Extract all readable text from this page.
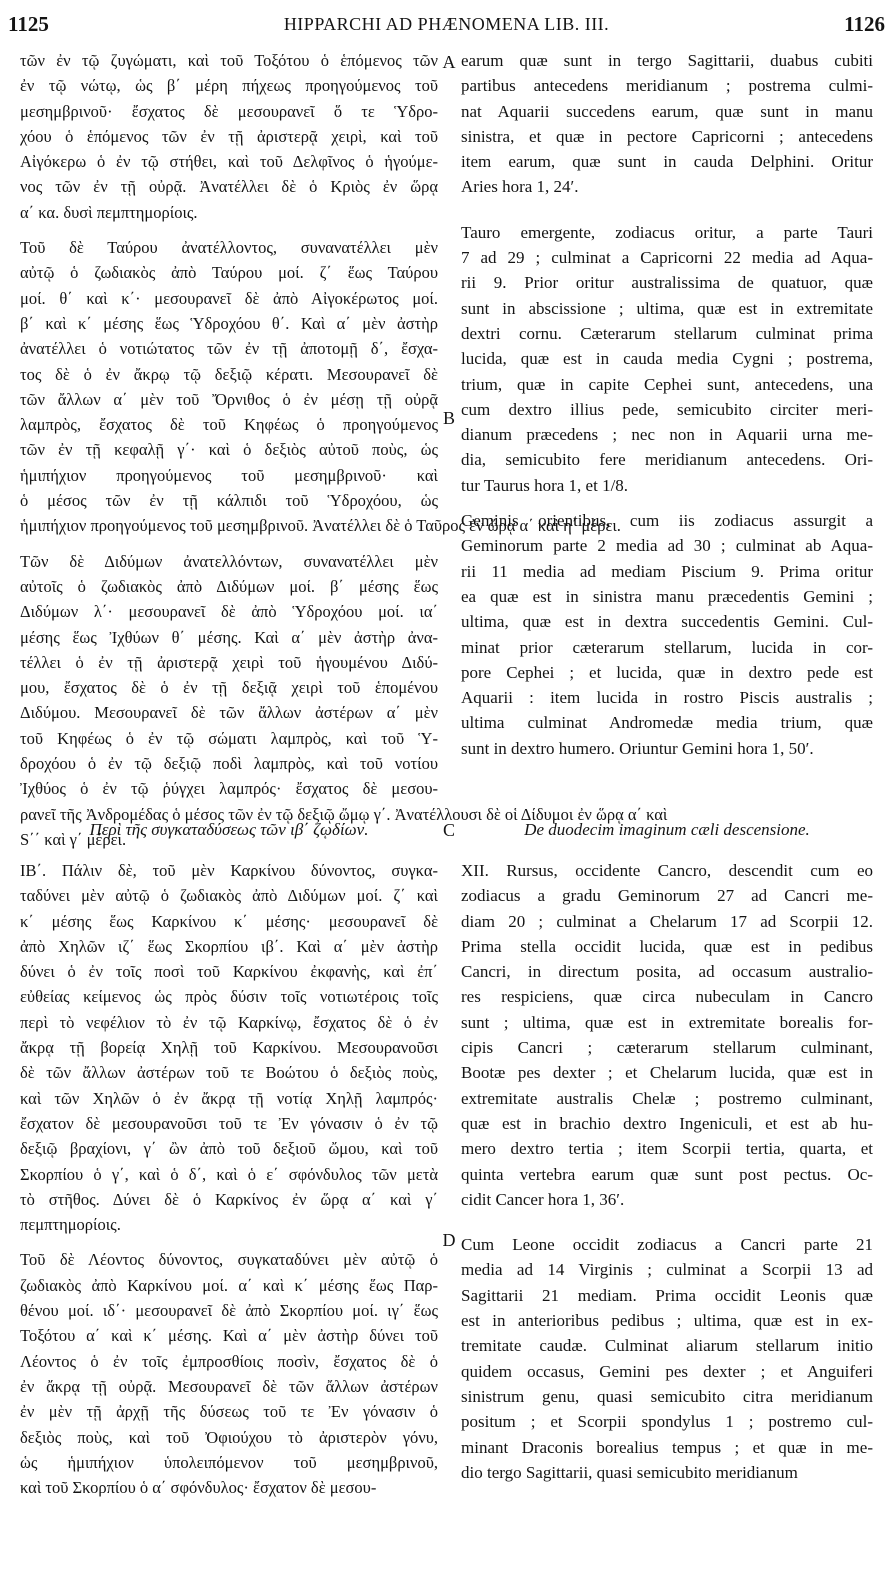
1125	HIPPARCHI AD PHÆNOMENA LIB. III.	1126
τῶν ἐν τῷ ζυγώματι, καὶ τοῦ Τοξότου ὁ ἑπόμενος τῶν
ἐν τῷ νώτῳ, ὡς β΄ μέρη πήχεως προηγούμενος τοῦ
μεσημβρινοῦ· ἔσχατος δὲ μεσουρανεῖ ὅ τε Ὑδρο-
χόου ὁ ἑπόμενος τῶν ἐν τῇ ἀριστερᾷ χειρὶ, καὶ τοῦ
Αἰγόκερω ὁ ἐν τῷ στήθει, καὶ τοῦ Δελφῖνος ὁ ἡγούμε-
νος τῶν ἐν τῇ οὐρᾷ. Ἀνατέλλει δὲ ὁ Κριὸς ἐν ὥρᾳ
α΄ κα. δυσὶ πεμπτημορίοις.
Τοῦ δὲ Ταύρου ἀνατέλλοντος, συνανατέλλει μὲν
αὐτῷ ὁ ζωδιακὸς ἀπὸ Ταύρου μοί. ζ΄ ἕως Ταύρου
μοί. θ΄ καὶ κ΄· μεσουρανεῖ δὲ ἀπὸ Αἰγοκέρωτος μοί.
β΄ καὶ κ΄ μέσης ἕως Ὑδροχόου θ΄. Καὶ α΄ μὲν ἀστὴρ
ἀνατέλλει ὁ νοτιώτατος τῶν ἐν τῇ ἀποτομῇ δ΄, ἔσχα-
τος δὲ ὁ ἐν ἄκρῳ τῷ δεξιῷ κέρατι. Μεσουρανεῖ δὲ
τῶν ἄλλων α΄ μὲν τοῦ Ὄρνιθος ὁ ἐν μέσῃ τῇ οὐρᾷ
λαμπρὸς, ἔσχατος δὲ τοῦ Κηφέως ὁ προηγούμενος
τῶν ἐν τῇ κεφαλῇ γ΄· καὶ ὁ δεξιὸς αὐτοῦ ποὺς, ὡς
ἡμιπήχιον προηγούμενος τοῦ μεσημβρινοῦ· καὶ
ὁ μέσος τῶν ἐν τῇ κάλπιδι τοῦ Ὑδροχόου, ὡς
ἡμιπήχιον προηγούμενος τοῦ μεσημβρινοῦ. Ἀνατέλλει δὲ ὁ Ταῦρος ἐν ὥρᾳ α΄ καὶ η΄ μέρει.
Τῶν δὲ Διδύμων ἀνατελλόντων, συνανατέλλει μὲν
αὐτοῖς ὁ ζωδιακὸς ἀπὸ Διδύμων μοί. β΄ μέσης ἕως
Διδύμων λ΄· μεσουρανεῖ δὲ ἀπὸ Ὑδροχόου μοί. ια΄
μέσης ἕως Ἰχθύων θ΄ μέσης. Καὶ α΄ μὲν ἀστὴρ ἀνα-
τέλλει ὁ ἐν τῇ ἀριστερᾷ χειρὶ τοῦ ἡγουμένου Διδύ-
μου, ἔσχατος δὲ ὁ ἐν τῇ δεξιᾷ χειρὶ τοῦ ἑπομένου
Διδύμου. Μεσουρανεῖ δὲ τῶν ἄλλων ἀστέρων α΄ μὲν
τοῦ Κηφέως ὁ ἐν τῷ σώματι λαμπρὸς, καὶ τοῦ Ὑ-
δροχόου ὁ ἐν τῷ δεξιῷ ποδὶ λαμπρὸς, καὶ τοῦ νοτίου
Ἰχθύος ὁ ἐν τῷ ῥύγχει λαμπρός· ἔσχατος δὲ μεσου-
ρανεῖ τῆς Ἀνδρομέδας ὁ μέσος τῶν ἐν τῷ δεξιῷ ὤμῳ γ΄. Ἀνατέλλουσι δὲ οἱ Δίδυμοι ἐν ὥρᾳ α΄ καὶ
S΄΄ καὶ γ΄ μέρει.
earum quæ sunt in tergo Sagittarii, duabus cubiti
partibus antecedens meridianum ; postrema culmi-
nat Aquarii succedens earum, quæ sunt in manu
sinistra, et quæ in pectore Capricorni ; antecedens
item earum, quæ sunt in cauda Delphini. Oritur
Aries hora 1, 24′.
Tauro emergente, zodiacus oritur, a parte Tauri
7 ad 29 ; culminat a Capricorni 22 media ad Aqua-
rii 9. Prior oritur australissima de quatuor, quæ
sunt in abscissione ; ultima, quæ est in extremitate
dextri cornu. Cæterarum stellarum culminat prima
lucida, quæ est in cauda media Cygni ; postrema,
trium, quæ in capite Cephei sunt, antecedens, una
cum dextro illius pede, semicubito circiter meri-
dianum præcedens ; nec non in Aquarii urna me-
dia, semicubito fere meridianum antecedens. Ori-
tur Taurus hora 1, et 1/8.
Geminis orientibus, cum iis zodiacus assurgit a
Geminorum parte 2 media ad 30 ; culminat ab Aqua-
rii 11 media ad mediam Piscium 9. Prima oritur
ea quæ est in sinistra manu præcedentis Gemini ;
ultima, quæ est in dextra succedentis Gemini. Cul-
minat prior cæterarum stellarum, lucida in cor-
pore Cephei ; et lucida, quæ in dextro pede est
Aquarii : item lucida in rostro Piscis australis ;
ultima culminat Andromedæ media trium, quæ
sunt in dextro humero. Oriuntur Gemini hora 1, 50′.
Περὶ τῆς συγκαταδύσεως τῶν ιβ΄ ζῳδίων.	De duodecim imaginum cæli descensione.
ΙΒ΄. Πάλιν δὲ, τοῦ μὲν Καρκίνου δύνοντος, συγκα-
ταδύνει μὲν αὐτῷ ὁ ζωδιακὸς ἀπὸ Διδύμων μοί. ζ΄ καὶ
κ΄ μέσης ἕως Καρκίνου κ΄ μέσης· μεσουρανεῖ δὲ
ἀπὸ Χηλῶν ιζ΄ ἕως Σκορπίου ιβ΄. Καὶ α΄ μὲν ἀστὴρ
δύνει ὁ ἐν τοῖς ποσὶ τοῦ Καρκίνου ἐκφανὴς, καὶ ἐπ΄
εὐθείας κείμενος ὡς πρὸς δύσιν τοῖς νοτιωτέροις τοῖς
περὶ τὸ νεφέλιον τὸ ἐν τῷ Καρκίνῳ, ἔσχατος δὲ ὁ ἐν
ἄκρᾳ τῇ βορείᾳ Χηλῇ τοῦ Καρκίνου. Μεσουρανοῦσι
δὲ τῶν ἄλλων ἀστέρων τοῦ τε Βοώτου ὁ δεξιὸς ποὺς,
καὶ τῶν Χηλῶν ὁ ἐν ἄκρᾳ τῇ νοτίᾳ Χηλῇ λαμπρός·
ἔσχατον δὲ μεσουρανοῦσι τοῦ τε Ἐν γόνασιν ὁ ἐν τῷ
δεξιῷ βραχίονι, γ΄ ὢν ἀπὸ τοῦ δεξιοῦ ὤμου, καὶ τοῦ
Σκορπίου ὁ γ΄, καὶ ὁ δ΄, καὶ ὁ ε΄ σφόνδυλος τῶν μετὰ
τὸ στῆθος. Δύνει δὲ ὁ Καρκίνος ἐν ὥρᾳ α΄ καὶ γ΄
πεμπτημορίοις.
Τοῦ δὲ Λέοντος δύνοντος, συγκαταδύνει μὲν αὐτῷ ὁ
ζωδιακὸς ἀπὸ Καρκίνου μοί. α΄ καὶ κ΄ μέσης ἕως Παρ-
θένου μοί. ιδ΄· μεσουρανεῖ δὲ ἀπὸ Σκορπίου μοί. ιγ΄ ἕως
Τοξότου α΄ καὶ κ΄ μέσης. Καὶ α΄ μὲν ἀστὴρ δύνει τοῦ
Λέοντος ὁ ἐν τοῖς ἐμπροσθίοις ποσὶν, ἔσχατος δὲ ὁ
ἐν ἄκρᾳ τῇ οὐρᾷ. Μεσουρανεῖ δὲ τῶν ἄλλων ἀστέρων
ἐν μὲν τῇ ἀρχῇ τῆς δύσεως τοῦ τε Ἐν γόνασιν ὁ
δεξιὸς ποὺς, καὶ τοῦ Ὀφιούχου τὸ ἀριστερὸν γόνυ,
ὡς ἡμιπήχιον ὑπολειπόμενον τοῦ μεσημβρινοῦ,
καὶ τοῦ Σκορπίου ὁ α΄ σφόνδυλος· ἔσχατον δὲ μεσου-
XII. Rursus, occidente Cancro, descendit cum eo
zodiacus a gradu Geminorum 27 ad Cancri me-
diam 20 ; culminat a Chelarum 17 ad Scorpii 12.
Prima stella occidit lucida, quæ est in pedibus
Cancri, in directum posita, ad occasum australio-
res respiciens, quæ circa nubeculam in Cancro
sunt ; ultima, quæ est in extremitate borealis for-
cipis Cancri ; cæterarum stellarum culminant,
Bootæ pes dexter ; et Chelarum lucida, quæ est in
extremitate australis Chelæ ; postremo culminant,
quæ est in brachio dextro Ingeniculi, et est ab hu-
mero dextro tertia ; item Scorpii tertia, quarta, et
quinta vertebra earum quæ sunt post pectus. Oc-
cidit Cancer hora 1, 36′.
Cum Leone occidit zodiacus a Cancri parte 21
media ad 14 Virginis ; culminat a Scorpii 13 ad
Sagittarii 21 mediam. Prima occidit Leonis quæ
est in anterioribus pedibus ; ultima, quæ est in ex-
tremitate caudæ. Culminat aliarum stellarum initio
quidem occasus, Gemini pes dexter ; et Anguiferi
sinistrum genu, quasi semicubito citra meridianum
positum ; et Scorpii spondylus 1 ; postremo cul-
minant Draconis borealius tempus ; et quæ in me-
dio tergo Sagittarii, quasi semicubito meridianum
A
B
C
D
